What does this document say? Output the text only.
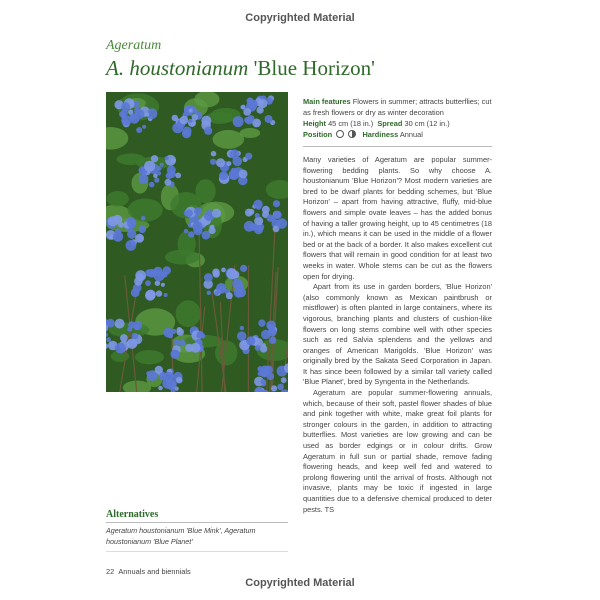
Copyrighted Material
Ageratum
A. houstonianum 'Blue Horizon'
Main features Flowers in summer; attracts butterflies; cut as fresh flowers or dry as winter decoration
Height 45 cm (18 in.) Spread 30 cm (12 in.)
Position	Hardiness Annual

Many varieties of Ageratum are popular summer-flowering bedding plants. So why choose A. houstonianum 'Blue Horizon'? Most modern varieties are bred to be dwarf plants for bedding schemes, but 'Blue Horizon' – apart from having attractive, fluffy, mid-blue flowers and simple ovate leaves – has the added bonus of having a taller growing height, up to 45 centimetres (18 in.), which means it can be used in the middle of a flower bed or at the back of a border. It also makes excellent cut flowers that will remain in good condition for at least two weeks in water. Whole stems can be cut as the flowers open for drying.

Apart from its use in garden borders, 'Blue Horizon' (also commonly known as Mexican paintbrush or mistflower) is often planted in large containers, where its vigorous, branching plants and clusters of cushion-like flowers on long stems combine well with other species such as red Salvia splendens and the yellows and oranges of American Marigolds. 'Blue Horizon' was originally bred by the Sakata Seed Corporation in Japan. It has since been followed by a similar tall variety called 'Blue Planet', bred by Syngenta in the Netherlands.

Ageratum are popular summer-flowering annuals, which, because of their soft, pastel flower shades of blue and pink together with white, make great foil plants for stronger colours in the garden, in addition to attracting butterflies. Most varieties are low growing and can be used as border edgings or in colour drifts. Grow Ageratum in full sun or partial shade, remove fading flowering heads, and keep well fed and watered to prolong flowering until the arrival of frosts. Although not invasive, plants may be toxic if ingested in large quantities due to a defensive chemical produced to deter pests. TS

Alternatives
Ageratum houstonianum 'Blue Mink', Ageratum houstonianum 'Blue Planet'
22 Annuals and biennials
Copyrighted Material
